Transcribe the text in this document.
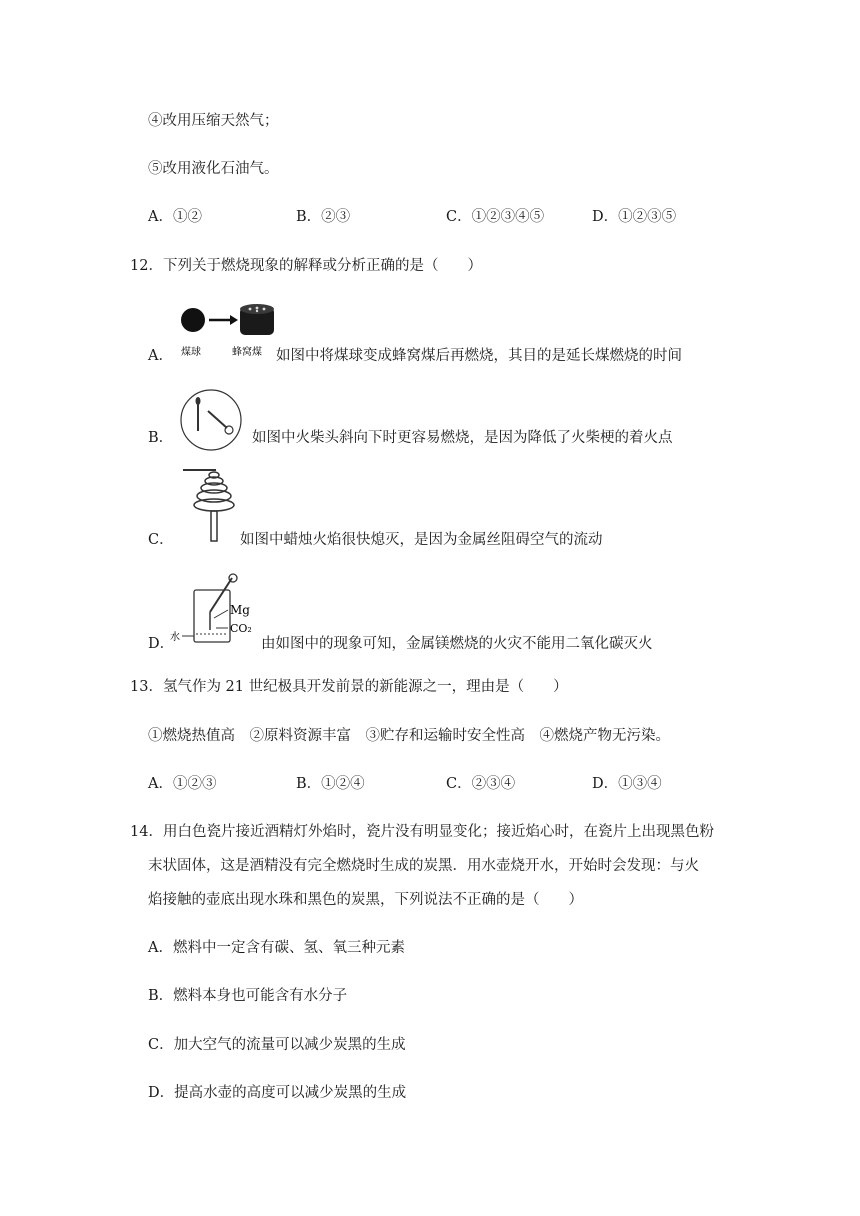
④改用压缩天然气；
⑤改用液化石油气。
A．①②	B．②③	C．①②③④⑤	D．①②③⑤
12．下列关于燃烧现象的解释或分析正确的是（　　）
A． 煤球	蜂窝煤 如图中将煤球变成蜂窝煤后再燃烧，其目的是延长煤燃烧的时间
B．	如图中火柴头斜向下时更容易燃烧，是因为降低了火柴梗的着火点
C．	如图中蜡烛火焰很快熄灭，是因为金属丝阻碍空气的流动
D．
Mg
CO₂
水	由如图中的现象可知，金属镁燃烧的火灾不能用二氧化碳灭火
13．氢气作为 21 世纪极具开发前景的新能源之一，理由是（　　）
①燃烧热值高　②原料资源丰富　③贮存和运输时安全性高　④燃烧产物无污染。
A．①②③	B．①②④	C．②③④	D．①③④
14．用白色瓷片接近酒精灯外焰时，瓷片没有明显变化；接近焰心时，在瓷片上出现黑色粉
末状固体，这是酒精没有完全燃烧时生成的炭黑．用水壶烧开水，开始时会发现：与火
焰接触的壶底出现水珠和黑色的炭黑，下列说法不正确的是（　　）
A．燃料中一定含有碳、氢、氧三种元素
B．燃料本身也可能含有水分子
C．加大空气的流量可以减少炭黑的生成
D．提高水壶的高度可以减少炭黑的生成
